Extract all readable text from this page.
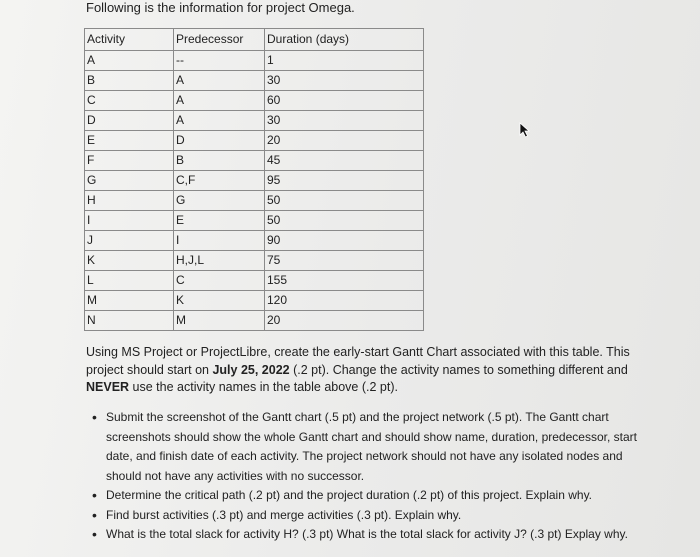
Following is the information for project Omega.
Activity	Predecessor	Duration (days)
A	--	1
B	A	30
C	A	60
D	A	30
E	D	20
F	B	45
G	C,F	95
H	G	50
I	E	50
J	I	90
K	H,J,L	75
L	C	155
M	K	120
N	M	20
Using MS Project or ProjectLibre, create the early-start Gantt Chart associated with this table. This project should start on July 25, 2022 (.2 pt). Change the activity names to something different and NEVER use the activity names in the table above (.2 pt).
• Submit the screenshot of the Gantt chart (.5 pt) and the project network (.5 pt). The Gantt chart screenshots should show the whole Gantt chart and should show name, duration, predecessor, start date, and finish date of each activity. The project network should not have any isolated nodes and should not have any activities with no successor.
• Determine the critical path (.2 pt) and the project duration (.2 pt) of this project. Explain why.
• Find burst activities (.3 pt) and merge activities (.3 pt). Explain why.
• What is the total slack for activity H? (.3 pt) What is the total slack for activity J? (.3 pt) Explay why.
